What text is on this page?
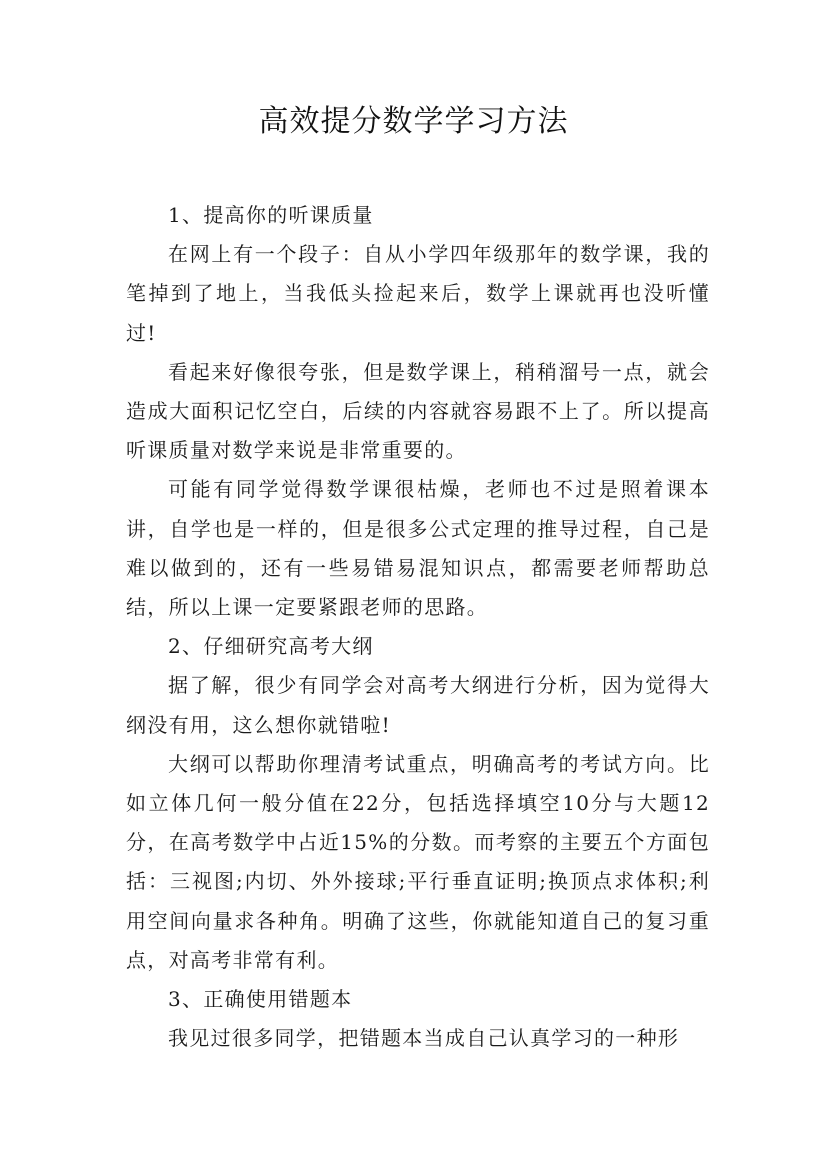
高效提分数学学习方法

1、提高你的听课质量

在网上有一个段子：自从小学四年级那年的数学课，我的笔掉到了地上，当我低头捡起来后，数学上课就再也没听懂过!

看起来好像很夸张，但是数学课上，稍稍溜号一点，就会造成大面积记忆空白，后续的内容就容易跟不上了。所以提高听课质量对数学来说是非常重要的。

可能有同学觉得数学课很枯燥，老师也不过是照着课本讲，自学也是一样的，但是很多公式定理的推导过程，自己是难以做到的，还有一些易错易混知识点，都需要老师帮助总结，所以上课一定要紧跟老师的思路。

2、仔细研究高考大纲

据了解，很少有同学会对高考大纲进行分析，因为觉得大纲没有用，这么想你就错啦!

大纲可以帮助你理清考试重点，明确高考的考试方向。比如立体几何一般分值在22分，包括选择填空10分与大题12分，在高考数学中占近15%的分数。而考察的主要五个方面包括：三视图;内切、外外接球;平行垂直证明;换顶点求体积;利用空间向量求各种角。明确了这些，你就能知道自己的复习重点，对高考非常有利。

3、正确使用错题本

我见过很多同学，把错题本当成自己认真学习的一种形
